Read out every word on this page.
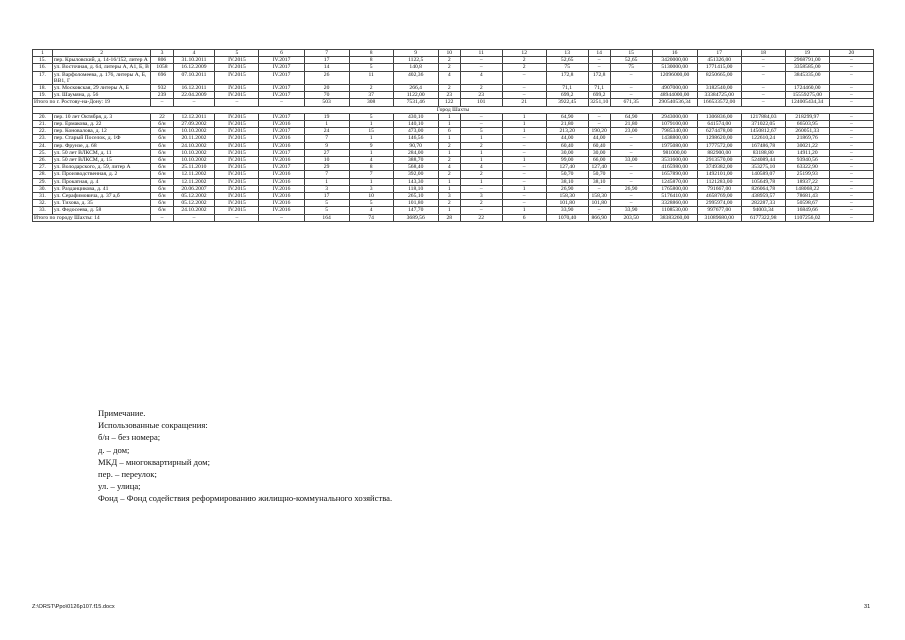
1	2	3	4	5	6	7	8	9	10	11	12	13	14	15	16	17	18	19	20
15.	пер. Крыловский, д. 14-16/152, литер А	806	31.10.2011	IV.2015	IV.2017	17	8	1122,5	2	–	2	52,65	–	52,65	3420000,00	451326,00	–	2968791,00	–
16.	ул. Восточная, д. 64, литеры А, А1, Б, В	1058	16.12.2009	IV.2015	IV.2017	14	5	140,8	2	–	2	75	–	75	5130000,00	1771415,00	–	3358585,00	–
17.	ул. Варфоломеева, д. 176, литеры А, Б, ВВ1, Г	696	07.10.2011	IV.2015	IV.2017	26	11	402,36	4	4	–	172,8	172,8	–	12096000,00	8250665,00	–	3845335,00	–
18.	ул. Московская, 29 литеры А, Б	932	16.12.2011	IV.2015	IV.2017	20	2	266,4	2	2	–	71,1	71,1	–	4907000,00	3182540,00	–	1724460,00	–
19.	ул. Шаумяна, д. 56	239	22.04.2009	IV.2015	IV.2017	70	37	1122,00	23	23	–	699,2	699,2	–	48944000,00	33384725,00	–	15559275,00	–
Итого по г. Ростову-на-Дону: 19		–	–	–	–	503	308	7531,46	122	101	21	3922,45	3251,10	671,35	290540536,34	166533572,00	–	124005434,34	–
Город Шахты																			
20.	пер. 10 лет Октября, д. 3	22	12.12.2011	IV.2015	IV.2017	19	5	430,10	1	–	1	64,90	–	64,90	2943000,00	1306836,00	1217884,03	218299,97	–
21.	пер. Ермакова, д. 22	б/н	27.09.2002	IV.2015	IV.2016	1	1	140,10	1	–	1	21,80	–	21,80	1079100,00	641574,00	371022,05	66503,95	–
22.	пер. Коновалова, д. 12	б/н	10.10.2002	IV.2015	IV.2017	24	15	473,00	6	5	1	213,20	190,20	23,00	7985340,00	6274478,00	1450812,67	260051,33	–
23.	пер. Старый Поселок, д. 1Ф	б/н	20.11.2002	IV.2015	IV.2016	7	1	146,56	1	1	–	44,00	44,00	–	1438800,00	1298620,00	122610,24	21869,76	–
24.	пер. Фрунзе, д. 68	б/н	24.10.2002	IV.2015	IV.2016	9	9	90,70	2	2	–	60,40	60,40	–	1975080,00	1777572,00	167486,78	30021,22	–
25.	ул. 50 лет ВЛКСМ, д. 11	б/н	10.10.2002	IV.2015	IV.2017	27	1	284,00	1	1	–	30,00	30,00	–	981000,00	882900,00	83188,80	14911,20	–
26.	ул. 50 лет ВЛКСМ, д. 15	б/н	10.10.2002	IV.2015	IV.2016	10	4	388,70	2	1	1	99,00	66,00	33,00	3531600,00	2913570,00	524089,44	93940,56	–
27.	ул. Володарского, д. 59, литер А	б/н	25.11.2010	IV.2015	IV.2017	29	8	568,40	4	4	–	127,40	127,40	–	4165980,00	3749382,00	353275,10	63322,90	–
28.	ул. Производственная, д. 2	б/н	12.11.2002	IV.2015	IV.2016	7	7	392,00	2	2	–	50,70	50,70	–	1657890,00	1492101,00	140589,07	25199,93	–
29.	ул. Прокатная, д. 4	б/н	12.11.2002	IV.2015	IV.2016	1	1	143,30	1	1	–	38,10	38,10	–	1245870,00	1121283,00	105649,78	18937,22	–
30.	ул. Разданцикова, д. 41	б/н	20.06.2007	IV.2015	IV.2016	3	3	118,10	1	–	1	26,90	–	26,90	1765800,00	791667,00	826064,78	148068,22	–
31.	ул. Серафимовича, д. 37 а,б	б/н	05.12.2002	IV.2015	IV.2016	17	10	265,10	3	3	–	158,30	158,30	–	5176410,00	4658769,00	438959,57	78681,43	–
32.	ул. Тихова, д. 35	б/н	05.12.2002	IV.2015	IV.2016	5	5	101,80	2	2	–	101,80	101,80	–	3328860,00	2995974,00	282287,33	50598,67	–
33.	ул. Федосеева, д. 58	б/н	24.10.2002	IV.2015	IV.2016	5	4	147,70	1	–	1	33,90	–	33,90	1108530,00	997677,00	94003,34	16849,66	–
Итого по городу Шахты: 14		–	–	–	–	164	74	3689,56	28	22	6	1070,40	866,90	203,50	38383260,00	31089680,00	6177322,98	1107256,02	–
Примечание.
Использованные сокращения:
б/н – без номера;
д. – дом;
МКД – многоквартирный дом;
пер. – переулок;
ул. – улица;
Фонд – Фонд содействия реформированию жилищно-коммунального хозяйства.
Z:\ORST\Ppo\0126p107.f15.docx	31
